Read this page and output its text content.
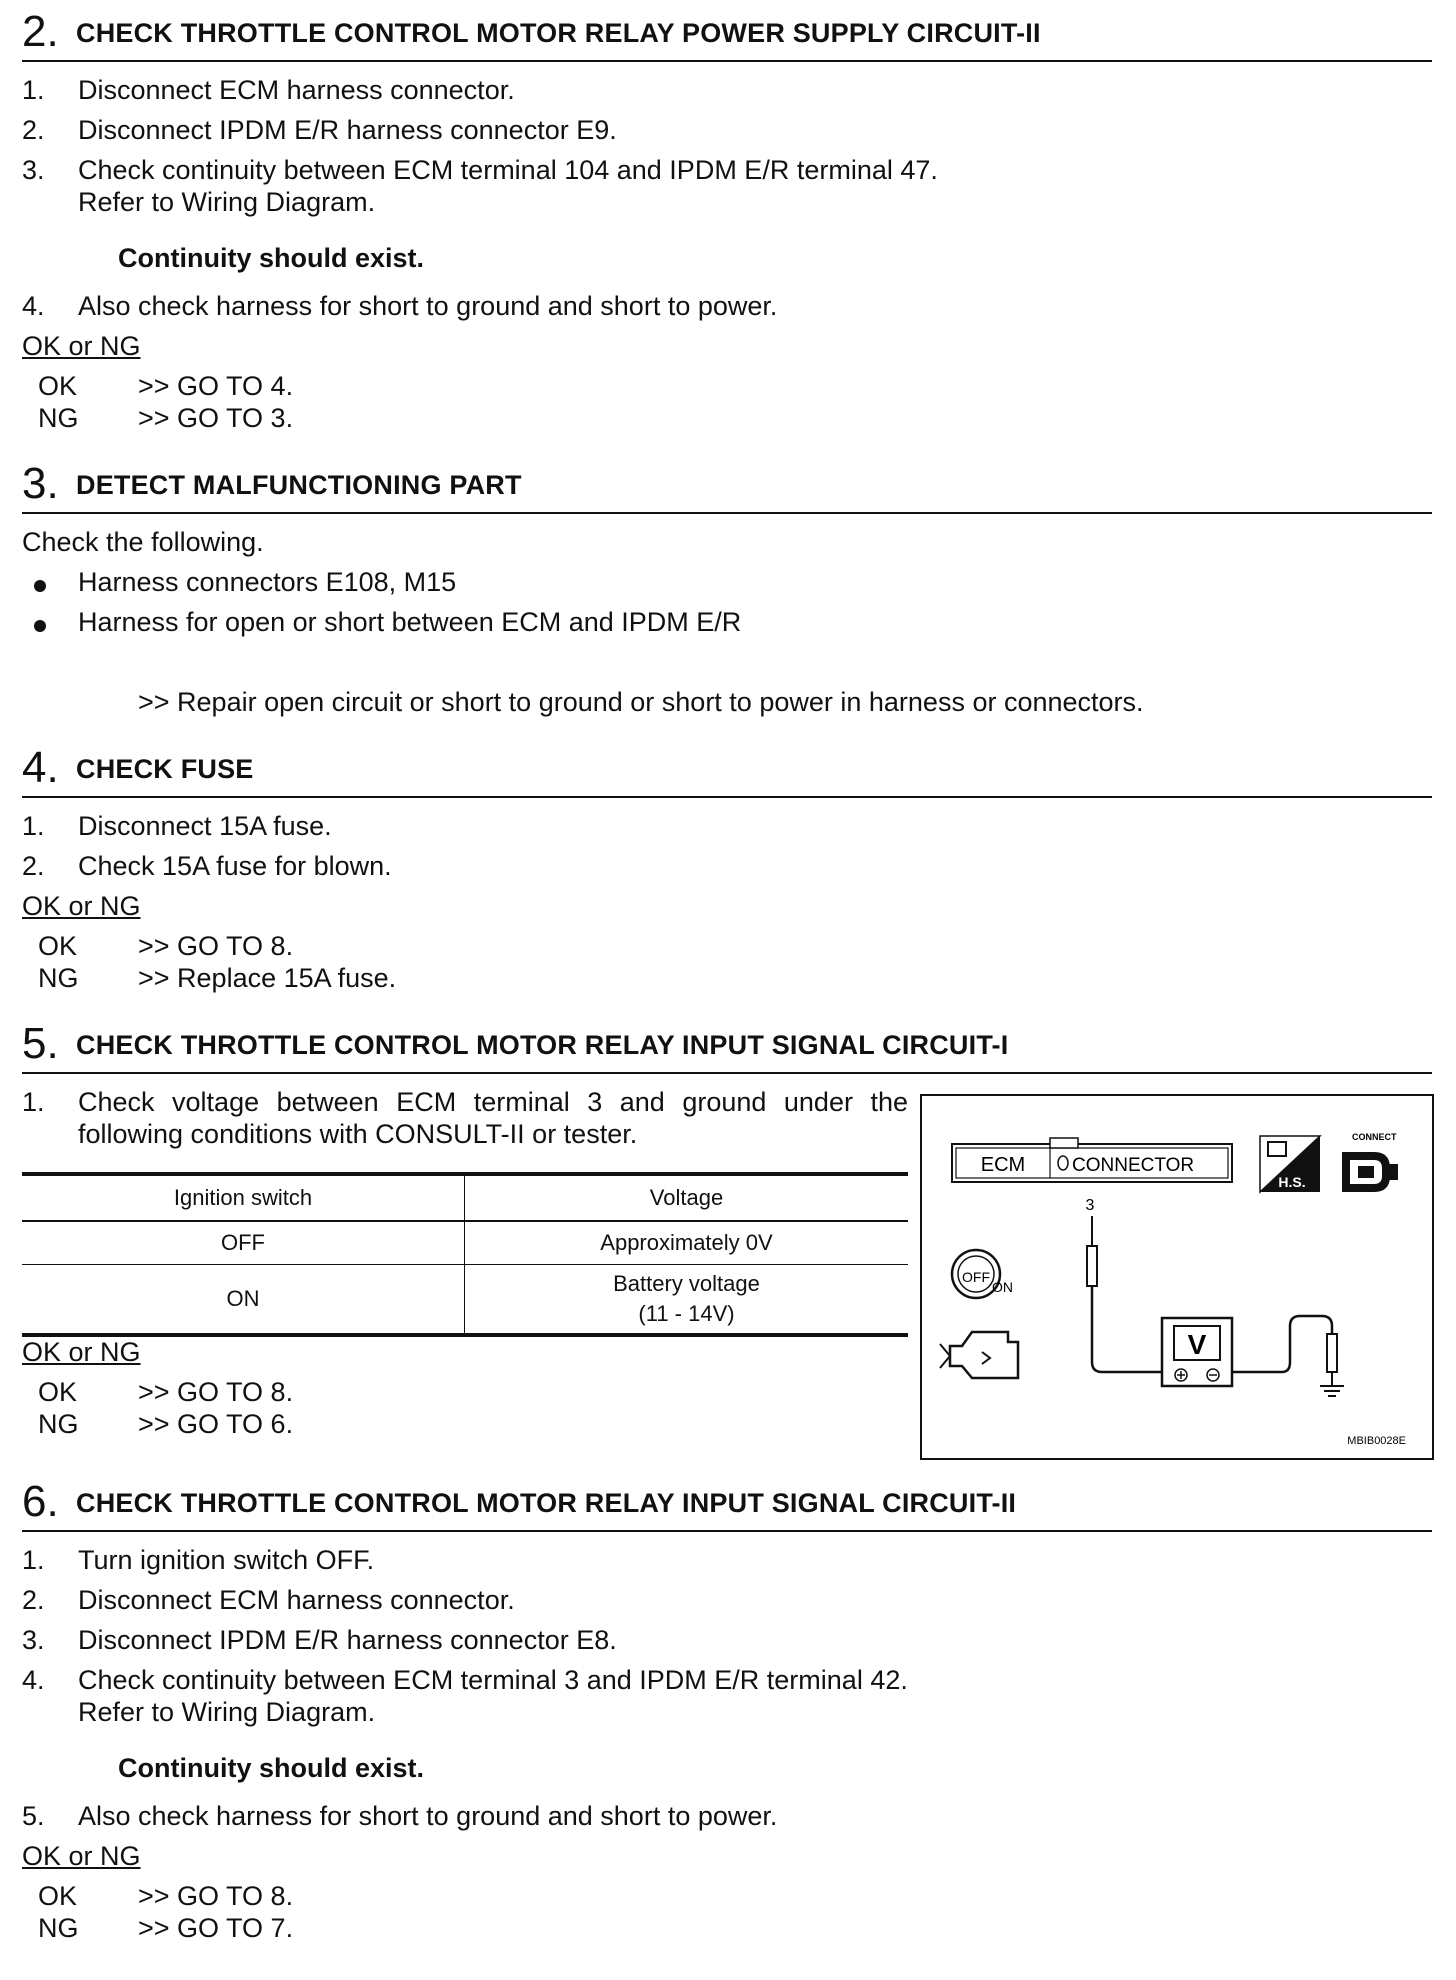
2. CHECK THROTTLE CONTROL MOTOR RELAY POWER SUPPLY CIRCUIT-II
1. Disconnect ECM harness connector.
2. Disconnect IPDM E/R harness connector E9.
3. Check continuity between ECM terminal 104 and IPDM E/R terminal 47.
Refer to Wiring Diagram.
Continuity should exist.
4. Also check harness for short to ground and short to power.
OK or NG
OK >> GO TO 4.
NG >> GO TO 3.
3. DETECT MALFUNCTIONING PART
Check the following.
Harness connectors E108, M15
Harness for open or short between ECM and IPDM E/R
>> Repair open circuit or short to ground or short to power in harness or connectors.
4. CHECK FUSE
1. Disconnect 15A fuse.
2. Check 15A fuse for blown.
OK or NG
OK >> GO TO 8.
NG >> Replace 15A fuse.
5. CHECK THROTTLE CONTROL MOTOR RELAY INPUT SIGNAL CIRCUIT-I
1. Check voltage between ECM terminal 3 and ground under the
following conditions with CONSULT-II or tester.
Ignition switch	Voltage
OFF	Approximately 0V
ON	Battery voltage
(11 - 14V)
OK or NG
OK >> GO TO 8.
NG >> GO TO 6.
ECM CONNECTOR
3
V
H.S.
CONNECT
OFF
ON
MBIB0028E
6. CHECK THROTTLE CONTROL MOTOR RELAY INPUT SIGNAL CIRCUIT-II
1. Turn ignition switch OFF.
2. Disconnect ECM harness connector.
3. Disconnect IPDM E/R harness connector E8.
4. Check continuity between ECM terminal 3 and IPDM E/R terminal 42.
Refer to Wiring Diagram.
Continuity should exist.
5. Also check harness for short to ground and short to power.
OK or NG
OK >> GO TO 8.
NG >> GO TO 7.
